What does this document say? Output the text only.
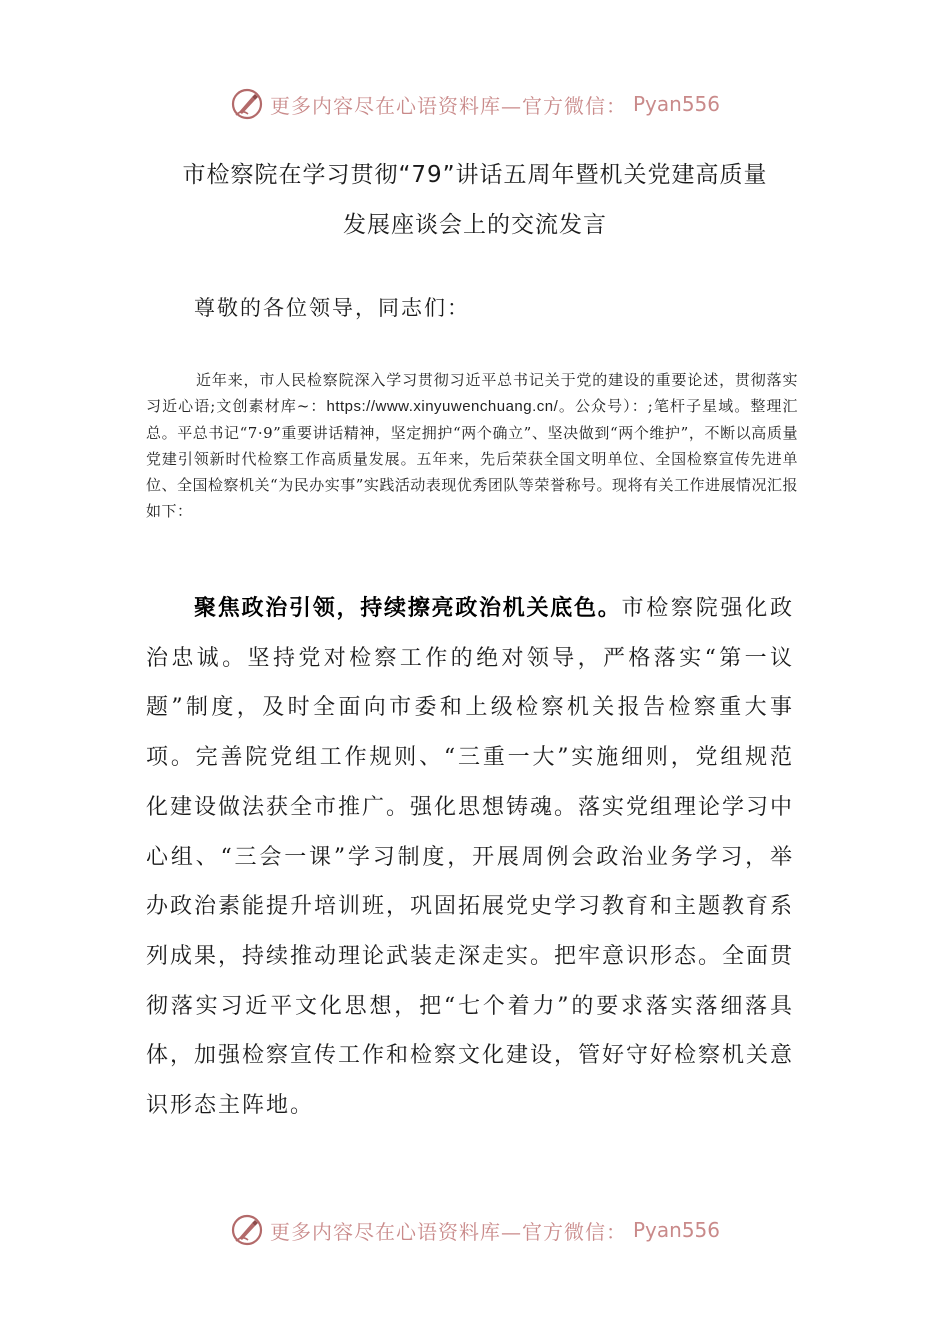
更多内容尽在心语资料库—官方微信： Pyan556
市检察院在学习贯彻“79”讲话五周年暨机关党建高质量
发展座谈会上的交流发言
尊敬的各位领导，同志们：
近年来，市人民检察院深入学习贯彻习近平总书记关于党的建设的重要论述，贯彻落实习近心语;文创素材库~：https://www.xinyuwenchuang.cn/。公众号）：;笔杆子星域。整理汇总。平总书记“7·9”重要讲话精神，坚定拥护“两个确立”、坚决做到“两个维护”，不断以高质量党建引领新时代检察工作高质量发展。五年来，先后荣获全国文明单位、全国检察宣传先进单位、全国检察机关“为民办实事”实践活动表现优秀团队等荣誉称号。现将有关工作进展情况汇报如下：
聚焦政治引领，持续擦亮政治机关底色。市检察院强化政治忠诚。坚持党对检察工作的绝对领导，严格落实“第一议题”制度，及时全面向市委和上级检察机关报告检察重大事项。完善院党组工作规则、“三重一大”实施细则，党组规范化建设做法获全市推广。强化思想铸魂。落实党组理论学习中心组、“三会一课”学习制度，开展周例会政治业务学习，举办政治素能提升培训班，巩固拓展党史学习教育和主题教育系列成果，持续推动理论武装走深走实。把牢意识形态。全面贯彻落实习近平文化思想，把“七个着力”的要求落实落细落具体，加强检察宣传工作和检察文化建设，管好守好检察机关意识形态主阵地。
更多内容尽在心语资料库—官方微信： Pyan556
